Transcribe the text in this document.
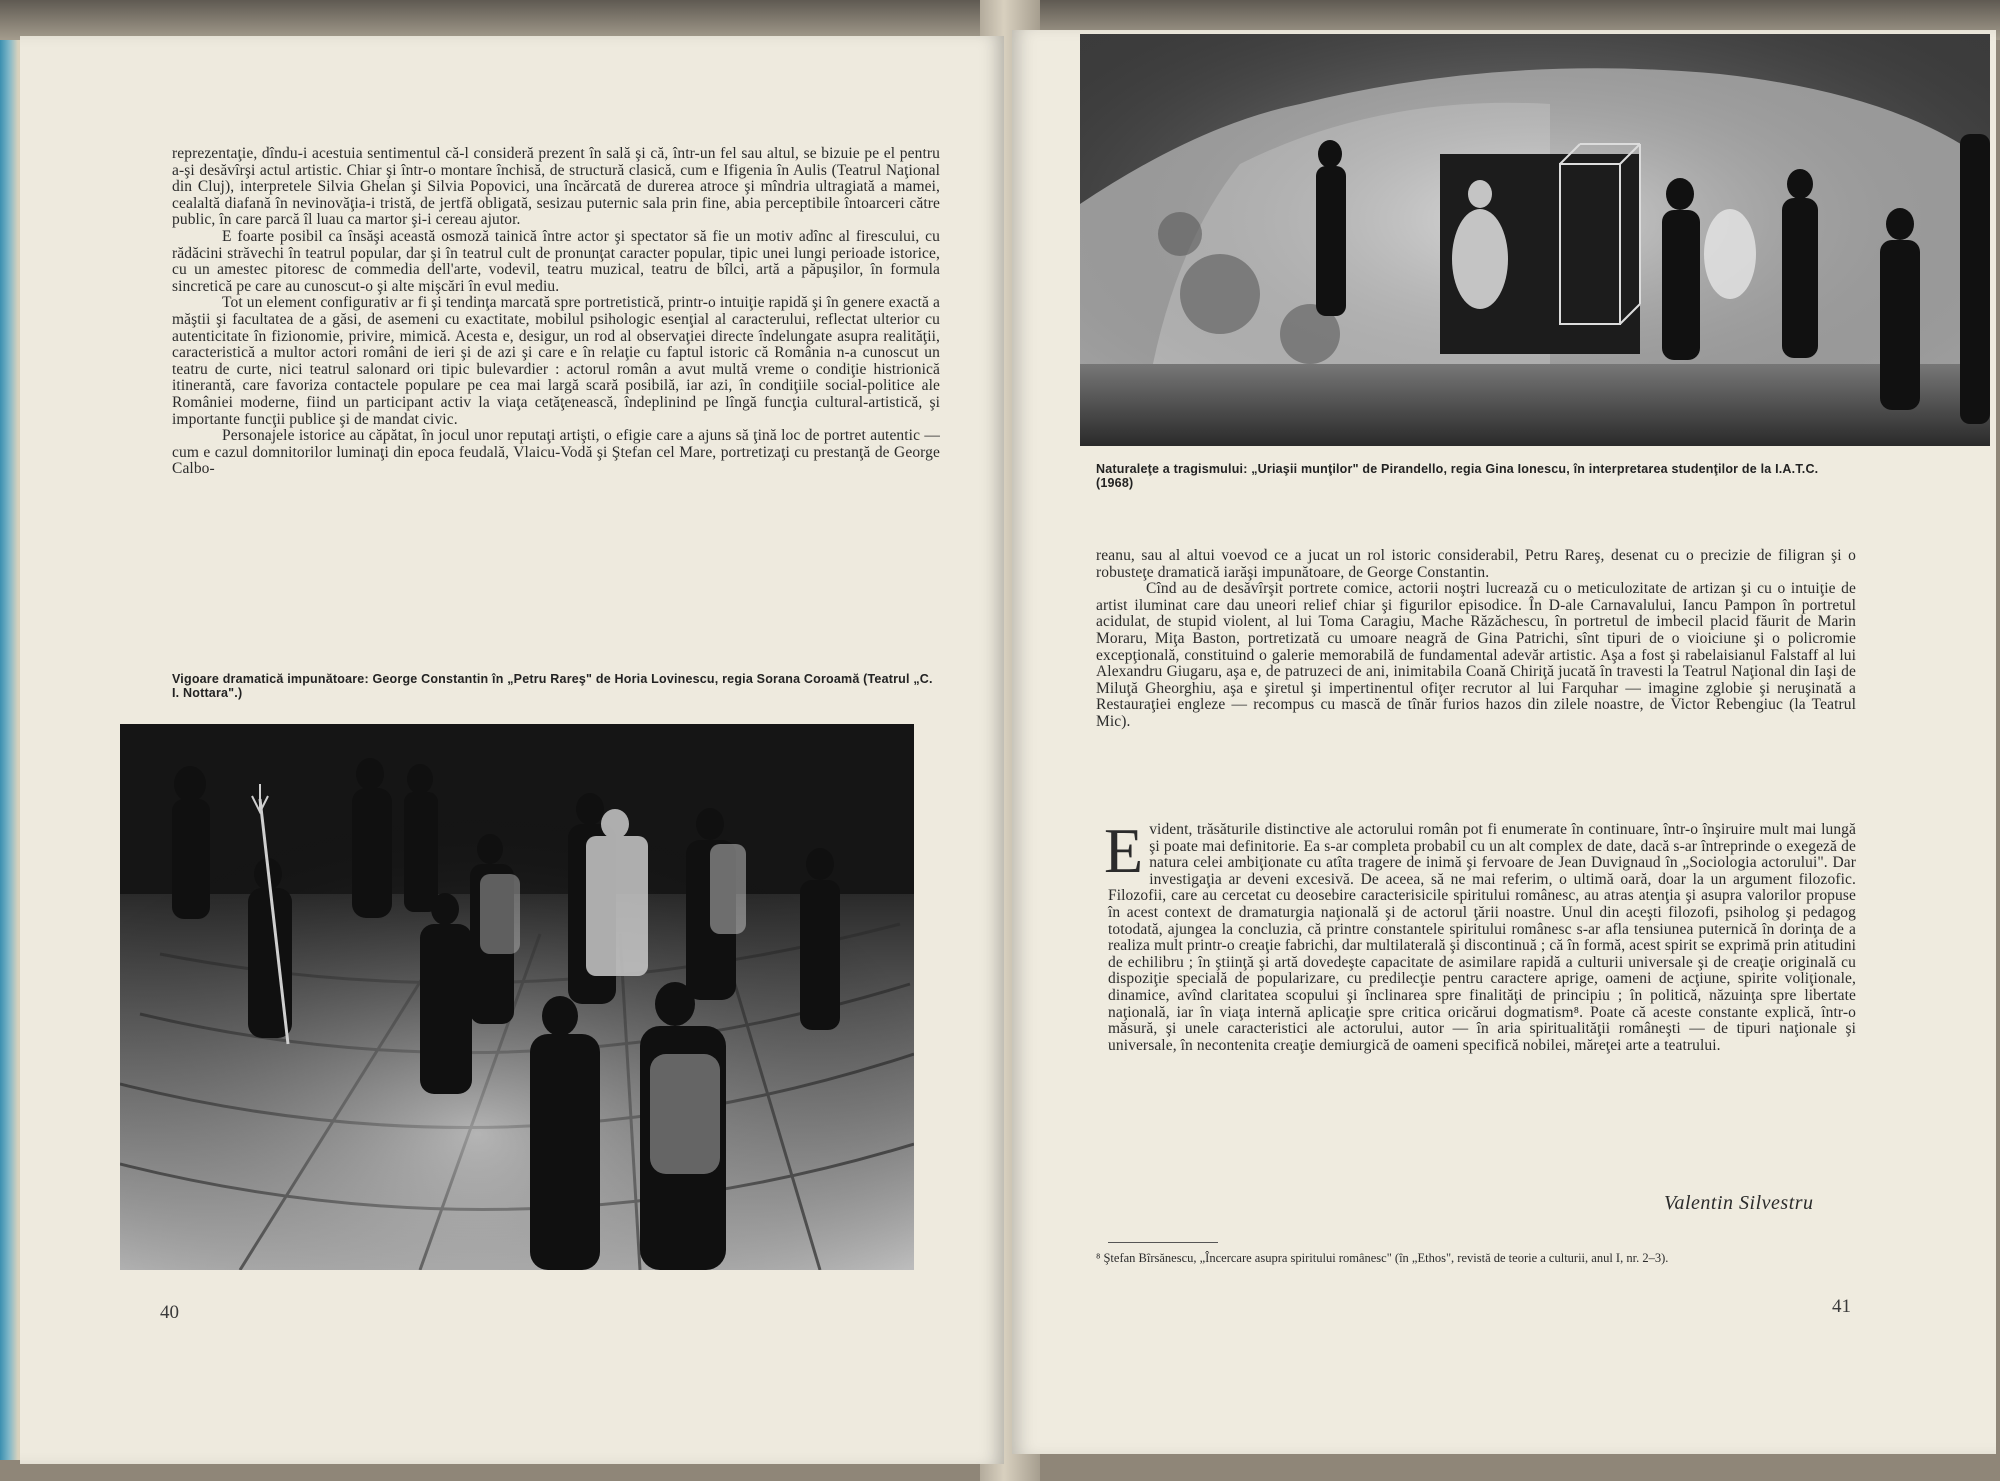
reprezentaţie, dîndu-i acestuia sentimentul că-l consideră prezent în sală şi că, într-un fel sau altul, se bizuie pe el pentru a-şi desăvîrşi actul artistic. Chiar şi într-o montare închisă, de structură clasică, cum e Ifigenia în Aulis (Teatrul Naţional din Cluj), interpretele Silvia Ghelan şi Silvia Popovici, una încărcată de durerea atroce şi mîndria ultragiată a mamei, cealaltă diafană în nevinovăţia-i tristă, de jertfă obligată, sesizau puternic sala prin fine, abia perceptibile întoarceri către public, în care parcă îl luau ca martor şi-i cereau ajutor.

E foarte posibil ca însăşi această osmoză tainică între actor şi spectator să fie un motiv adînc al firescului, cu rădăcini străvechi în teatrul popular, dar şi în teatrul cult de pronunţat caracter popular, tipic unei lungi perioade istorice, cu un amestec pitoresc de commedia dell'arte, vodevil, teatru muzical, teatru de bîlci, artă a păpuşilor, în formula sincretică pe care au cunoscut-o şi alte mişcări în evul mediu.

Tot un element configurativ ar fi şi tendinţa marcată spre portretistică, printr-o intuiţie rapidă şi în genere exactă a măştii şi facultatea de a găsi, de asemeni cu exactitate, mobilul psihologic esenţial al caracterului, reflectat ulterior cu autenticitate în fizionomie, privire, mimică. Acesta e, desigur, un rod al observaţiei directe îndelungate asupra realităţii, caracteristică a multor actori români de ieri şi de azi şi care e în relaţie cu faptul istoric că România n-a cunoscut un teatru de curte, nici teatrul salonard ori tipic bulevardier : actorul român a avut multă vreme o condiţie histrionică itinerantă, care favoriza contactele populare pe cea mai largă scară posibilă, iar azi, în condiţiile social-politice ale României moderne, fiind un participant activ la viaţa cetăţenească, îndeplinind pe lîngă funcţia cultural-artistică, şi importante funcţii publice şi de mandat civic.

Personajele istorice au căpătat, în jocul unor reputaţi artişti, o efigie care a ajuns să ţină loc de portret autentic — cum e cazul domnitorilor luminaţi din epoca feudală, Vlaicu-Vodă şi Ştefan cel Mare, portretizaţi cu prestanţă de George Calbo-

Vigoare dramatică impunătoare: George Constantin în „Petru Rareş" de Horia Lovinescu, regia Sorana Coroamă (Teatrul „C. I. Nottara".)
40
Naturaleţe a tragismului: „Uriaşii munţilor" de Pirandello, regia Gina Ionescu, în interpretarea studenţilor de la I.A.T.C. (1968)

reanu, sau al altui voevod ce a jucat un rol istoric considerabil, Petru Rareş, desenat cu o precizie de filigran şi o robusteţe dramatică iarăşi impunătoare, de George Constantin.

Cînd au de desăvîrşit portrete comice, actorii noştri lucrează cu o meticulozitate de artizan şi cu o intuiţie de artist iluminat care dau uneori relief chiar şi figurilor episodice. În D-ale Carnavalului, Iancu Pampon în portretul acidulat, de stupid violent, al lui Toma Caragiu, Mache Răzăchescu, în portretul de imbecil placid făurit de Marin Moraru, Miţa Baston, portretizată cu umoare neagră de Gina Patrichi, sînt tipuri de o vioiciune şi o policromie excepţională, constituind o galerie memorabilă de fundamental adevăr artistic. Aşa a fost şi rabelaisianul Falstaff al lui Alexandru Giugaru, aşa e, de patruzeci de ani, inimitabila Coană Chiriţă jucată în travesti la Teatrul Naţional din Iaşi de Miluţă Gheorghiu, aşa e şiretul şi impertinentul ofiţer recrutor al lui Farquhar — imagine zglobie şi neruşinată a Restauraţiei engleze — recompus cu mască de tînăr furios hazos din zilele noastre, de Victor Rebengiuc (la Teatrul Mic).

Evident, trăsăturile distinctive ale actorului român pot fi enumerate în continuare, într-o înşiruire mult mai lungă şi poate mai definitorie. Ea s-ar completa probabil cu un alt complex de date, dacă s-ar întreprinde o exegeză de natura celei ambiţionate cu atîta tragere de inimă şi fervoare de Jean Duvignaud în „Sociologia actorului". Dar investigaţia ar deveni excesivă. De aceea, să ne mai referim, o ultimă oară, doar la un argument filozofic. Filozofii, care au cercetat cu deosebire caracterisicile spiritului românesc, au atras atenţia şi asupra valorilor propuse în acest context de dramaturgia naţională şi de actorul ţării noastre. Unul din aceşti filozofi, psiholog şi pedagog totodată, ajungea la concluzia, că printre constantele spiritului românesc s-ar afla tensiunea puternică în dorinţa de a realiza mult printr-o creaţie fabrichi, dar multilaterală şi discontinuă ; că în formă, acest spirit se exprimă prin atitudini de echilibru ; în ştiinţă şi artă dovedeşte capacitate de asimilare rapidă a culturii universale şi de creaţie originală cu dispoziţie specială de popularizare, cu predilecţie pentru caractere aprige, oameni de acţiune, spirite voliţionale, dinamice, avînd claritatea scopului şi înclinarea spre finalităţi de principiu ; în politică, năzuinţa spre libertate naţională, iar în viaţa internă aplicaţie spre critica oricărui dogmatism⁸. Poate că aceste constante explică, într-o măsură, şi unele caracteristici ale actorului, autor — în aria spiritualităţii româneşti — de tipuri naţionale şi universale, în necontenita creaţie demiurgică de oameni specifică nobilei, măreţei arte a teatrului.

Valentin Silvestru
⁸ Ştefan Bîrsănescu, „Încercare asupra spiritului românesc" (în „Ethos", revistă de teorie a culturii, anul I, nr. 2–3).
41
